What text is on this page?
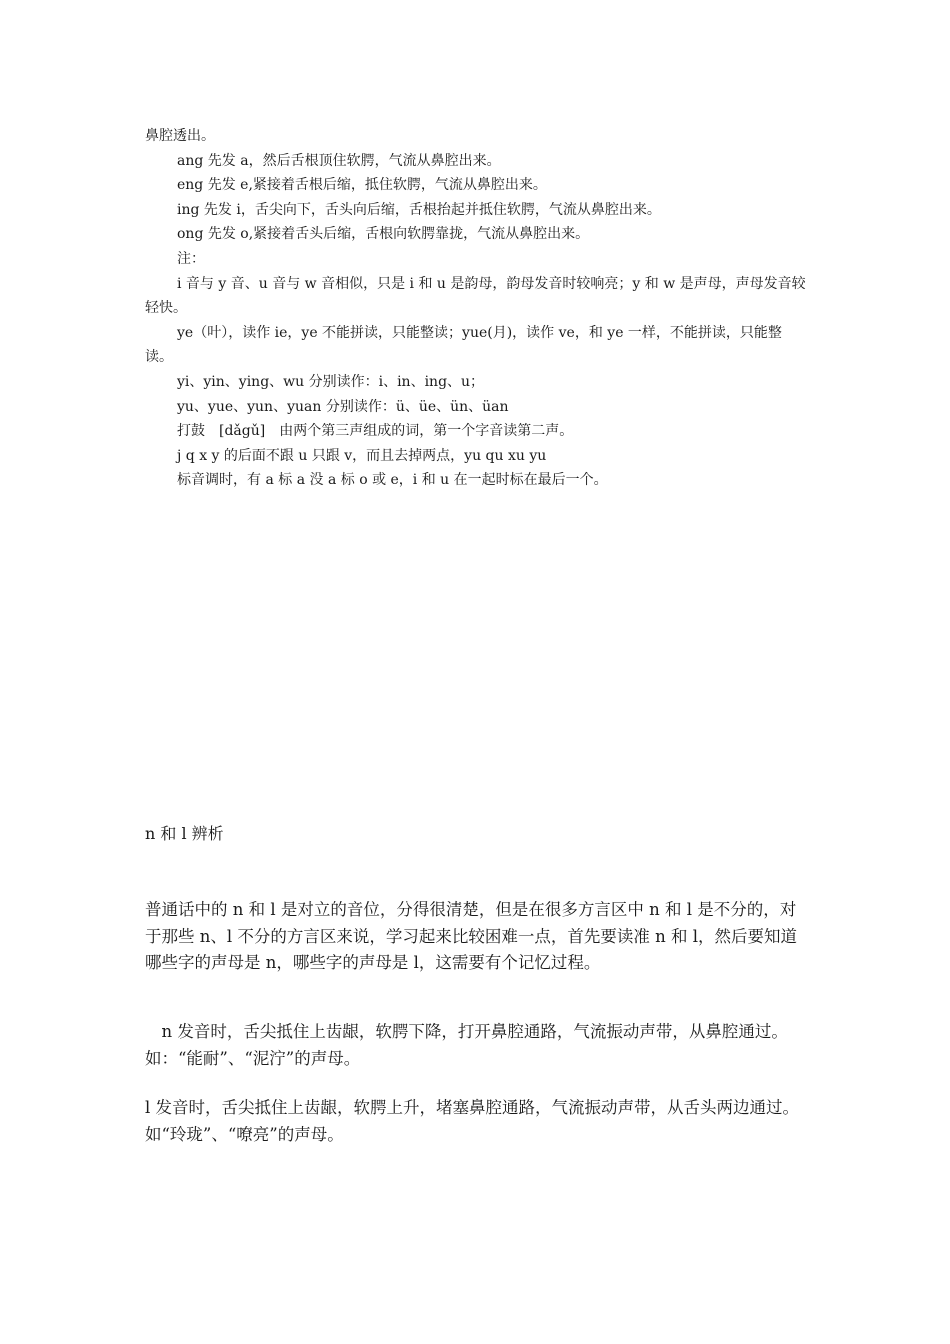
鼻腔透出。

ang 先发 a，然后舌根顶住软腭，气流从鼻腔出来。

eng 先发 e,紧接着舌根后缩，抵住软腭，气流从鼻腔出来。

ing 先发 i，舌尖向下，舌头向后缩，舌根抬起并抵住软腭，气流从鼻腔出来。

ong 先发 o,紧接着舌头后缩，舌根向软腭靠拢，气流从鼻腔出来。

注：

i 音与 y 音、u 音与 w 音相似，只是 i 和 u 是韵母，韵母发音时较响亮；y 和 w 是声母，声母发音较轻快。

ye（叶），读作 ie，ye 不能拼读，只能整读；yue(月)，读作 ve，和 ye 一样，不能拼读，只能整读。

yi、yin、ying、wu 分别读作：i、in、ing、u；

yu、yue、yun、yuan 分别读作：ü、üe、ün、üan

打鼓　[dǎgǔ]　由两个第三声组成的词，第一个字音读第二声。

j q x y 的后面不跟 u 只跟 v，而且去掉两点，yu qu xu yu

标音调时，有 a 标 a 没 a 标 o 或 e，i 和 u 在一起时标在最后一个。

n 和 l 辨析

普通话中的 n 和 l 是对立的音位，分得很清楚，但是在很多方言区中 n 和 l 是不分的，对于那些 n、l 不分的方言区来说，学习起来比较困难一点，首先要读准 n 和 l，然后要知道哪些字的声母是 n，哪些字的声母是 l，这需要有个记忆过程。

　n 发音时，舌尖抵住上齿龈，软腭下降，打开鼻腔通路，气流振动声带，从鼻腔通过。如：“能耐”、“泥泞”的声母。

l 发音时，舌尖抵住上齿龈，软腭上升，堵塞鼻腔通路，气流振动声带，从舌头两边通过。如“玲珑”、“嘹亮”的声母。
